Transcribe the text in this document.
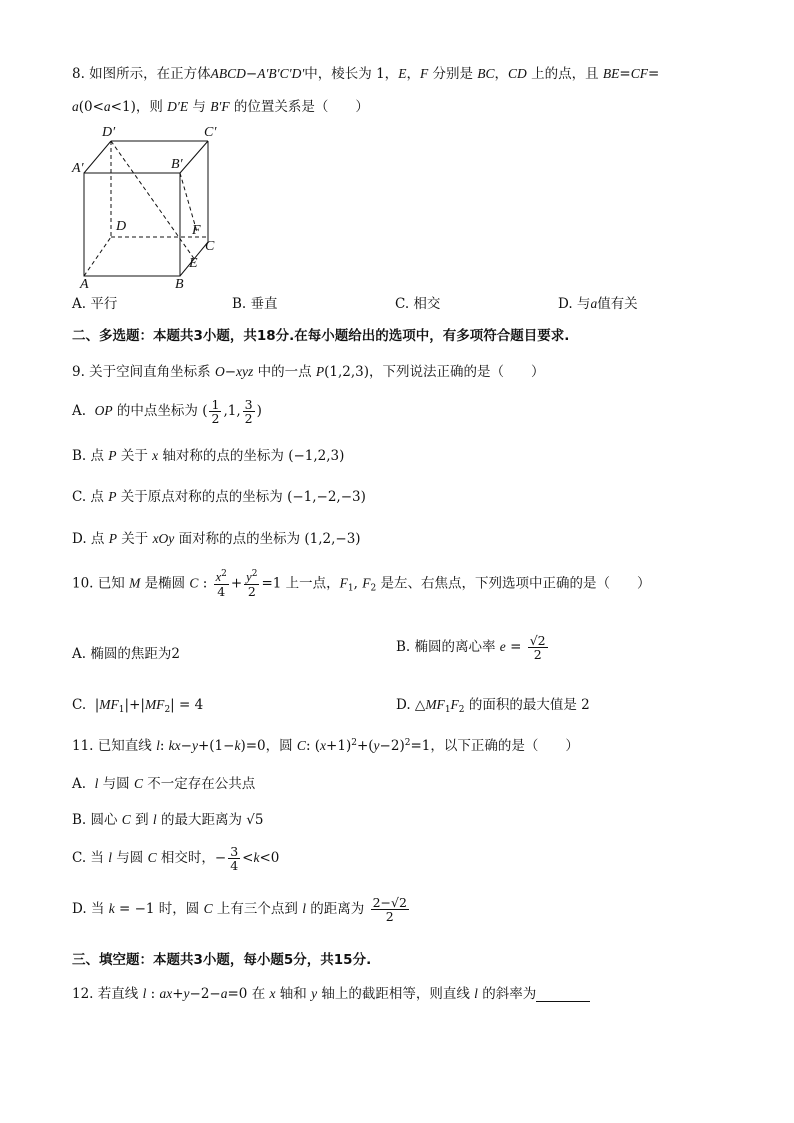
8. 如图所示，在正方体ABCD−A′B′C′D′中，棱长为 1，E，F 分别是 BC，CD 上的点，且 BE=CF=
a(0<a<1)，则 D′E 与 B′F 的位置关系是（　　）
D′	C′
A′	B′
D	F
C
E
A	B
A. 平行	B. 垂直	C. 相交	D. 与a值有关
二、多选题：本题共3小题，共18分.在每小题给出的选项中，有多项符合题目要求.
9. 关于空间直角坐标系 O−xyz 中的一点 P(1,2,3)，下列说法正确的是（　　）
A.  OP 的中点坐标为 ( $\frac{1}{2} ,1$, $\frac{3}{2}$ )
B. 点 P 关于 x 轴对称的点的坐标为 (−1,2,3)
C. 点 P 关于原点对称的点的坐标为 (−1,−2,−3)
D. 点 P 关于 xOy 面对称的点的坐标为 (1,2,−3)
10. 已知 M 是椭圆 C : $\frac{x^2}{4} + \frac{y^2}{2} =1$ 上一点，$F_1$, $F_2$ 是左、右焦点，下列选项中正确的是（　　）
A. 椭圆的焦距为2	B. 椭圆的离心率 $e = \frac{√2}{2}$
C.  $|MF_1|+|MF_2| = 4$	D. $\triangle MF_1F_2$ 的面积的最大值是 2
11. 已知直线 l: kx−y+(1−k)=0，圆 C: $(x+1)^2+(y-2)^2=1$，以下正确的是（　　）
A.  l 与圆 C 不一定存在公共点
B. 圆心 C 到 l 的最大距离为 √5
C. 当 l 与圆 C 相交时，− $\frac{3}{4} <k<0$
D. 当 k = −1 时，圆 C 上有三个点到 l 的距离为 $\frac{2-√2}{2}$
三、填空题：本题共3小题，每小题5分，共15分.
12. 若直线 l : ax+y−2−a=0 在 x 轴和 y 轴上的截距相等，则直线 l 的斜率为
